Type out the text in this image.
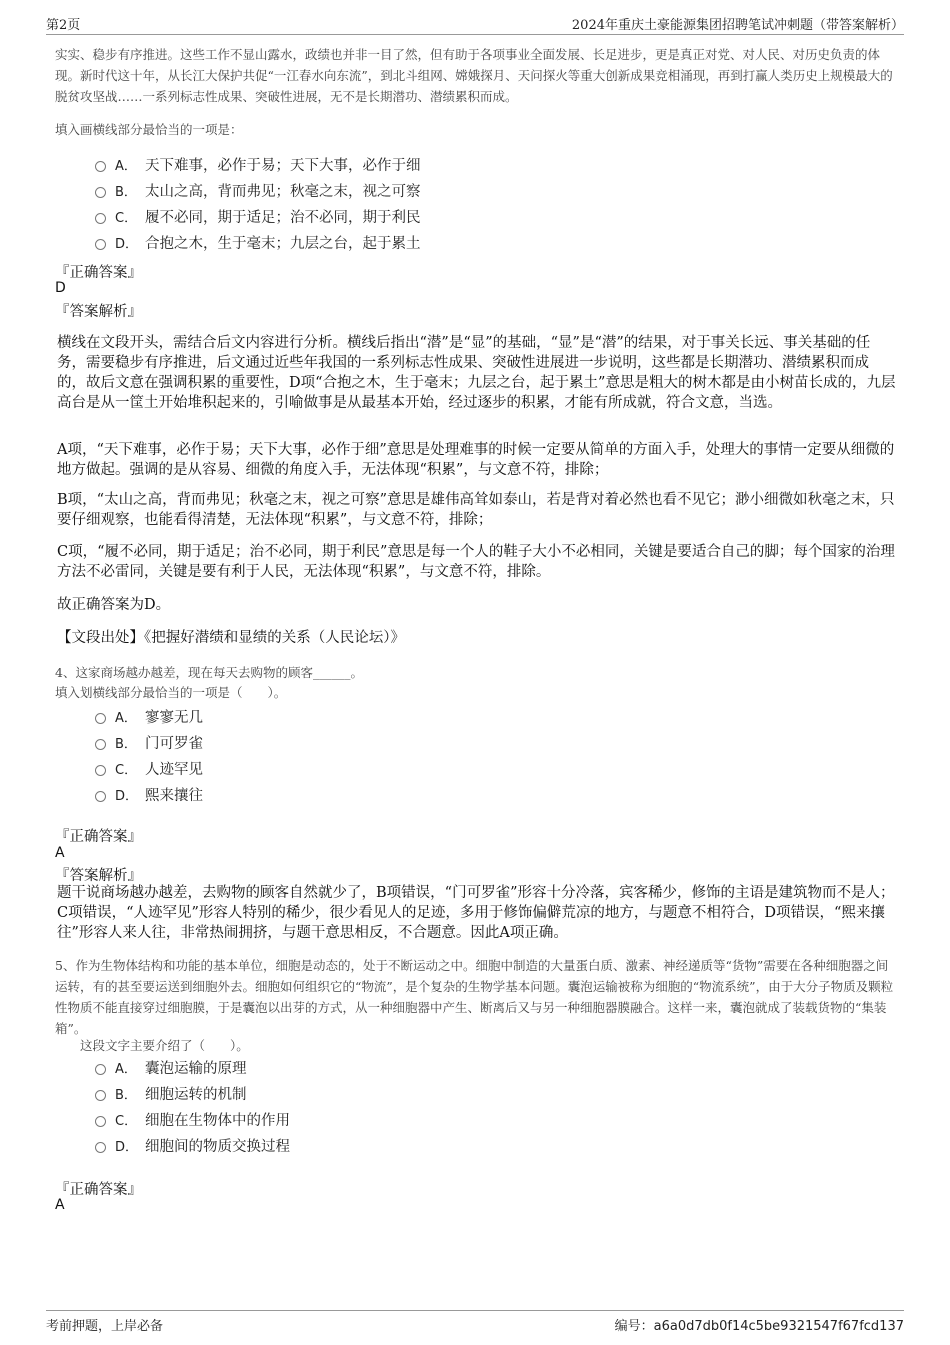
第2页	2024年重庆土豪能源集团招聘笔试冲刺题（带答案解析）
实实、稳步有序推进。这些工作不显山露水，政绩也并非一目了然，但有助于各项事业全面发展、长足进步，更是真正对党、对人民、对历史负责的体现。新时代这十年，从长江大保护共促“一江春水向东流”，到北斗组网、嫦娥探月、天问探火等重大创新成果竞相涌现，再到打赢人类历史上规模最大的脱贫攻坚战……一系列标志性成果、突破性进展，无不是长期潜功、潜绩累积而成。
填入画横线部分最恰当的一项是：
A． 天下难事，必作于易；天下大事，必作于细
B． 太山之高，背而弗见；秋毫之末，视之可察
C． 履不必同，期于适足；治不必同，期于利民
D． 合抱之木，生于毫末；九层之台，起于累土
『正确答案』
D
『答案解析』
横线在文段开头，需结合后文内容进行分析。横线后指出“潜”是“显”的基础，“显”是“潜”的结果，对于事关长远、事关基础的任务，需要稳步有序推进，后文通过近些年我国的一系列标志性成果、突破性进展进一步说明，这些都是长期潜功、潜绩累积而成的，故后文意在强调积累的重要性，D项“合抱之木，生于毫末；九层之台，起于累土”意思是粗大的树木都是由小树苗长成的，九层高台是从一筐土开始堆积起来的，引喻做事是从最基本开始，经过逐步的积累，才能有所成就，符合文意，当选。
A项，“天下难事，必作于易；天下大事，必作于细”意思是处理难事的时候一定要从简单的方面入手，处理大的事情一定要从细微的地方做起。强调的是从容易、细微的角度入手，无法体现“积累”，与文意不符，排除；
B项，“太山之高，背而弗见；秋毫之末，视之可察”意思是雄伟高耸如泰山，若是背对着必然也看不见它；渺小细微如秋毫之末，只要仔细观察，也能看得清楚，无法体现“积累”，与文意不符，排除；
C项，“履不必同，期于适足；治不必同，期于利民”意思是每一个人的鞋子大小不必相同，关键是要适合自己的脚；每个国家的治理方法不必雷同，关键是要有利于人民，无法体现“积累”，与文意不符，排除。
故正确答案为D。
【文段出处】《把握好潜绩和显绩的关系（人民论坛）》
4、这家商场越办越差，现在每天去购物的顾客______。
填入划横线部分最恰当的一项是（　　）。
A． 寥寥无几
B． 门可罗雀
C． 人迹罕见
D． 熙来攘往
『正确答案』
A
『答案解析』
题干说商场越办越差，去购物的顾客自然就少了，B项错误，“门可罗雀”形容十分冷落，宾客稀少，修饰的主语是建筑物而不是人；C项错误，“人迹罕见”形容人特别的稀少，很少看见人的足迹，多用于修饰偏僻荒凉的地方，与题意不相符合，D项错误，“熙来攘往”形容人来人往，非常热闹拥挤，与题干意思相反，不合题意。因此A项正确。
5、作为生物体结构和功能的基本单位，细胞是动态的，处于不断运动之中。细胞中制造的大量蛋白质、激素、神经递质等“货物”需要在各种细胞器之间运转，有的甚至要运送到细胞外去。细胞如何组织它的“物流”，是个复杂的生物学基本问题。囊泡运输被称为细胞的“物流系统”，由于大分子物质及颗粒性物质不能直接穿过细胞膜，于是囊泡以出芽的方式，从一种细胞器中产生、断离后又与另一种细胞器膜融合。这样一来，囊泡就成了装载货物的“集装箱”。
这段文字主要介绍了（　　）。
A． 囊泡运输的原理
B． 细胞运转的机制
C． 细胞在生物体中的作用
D． 细胞间的物质交换过程
『正确答案』
A
考前押题，上岸必备	编号：a6a0d7db0f14c5be9321547f67fcd137
